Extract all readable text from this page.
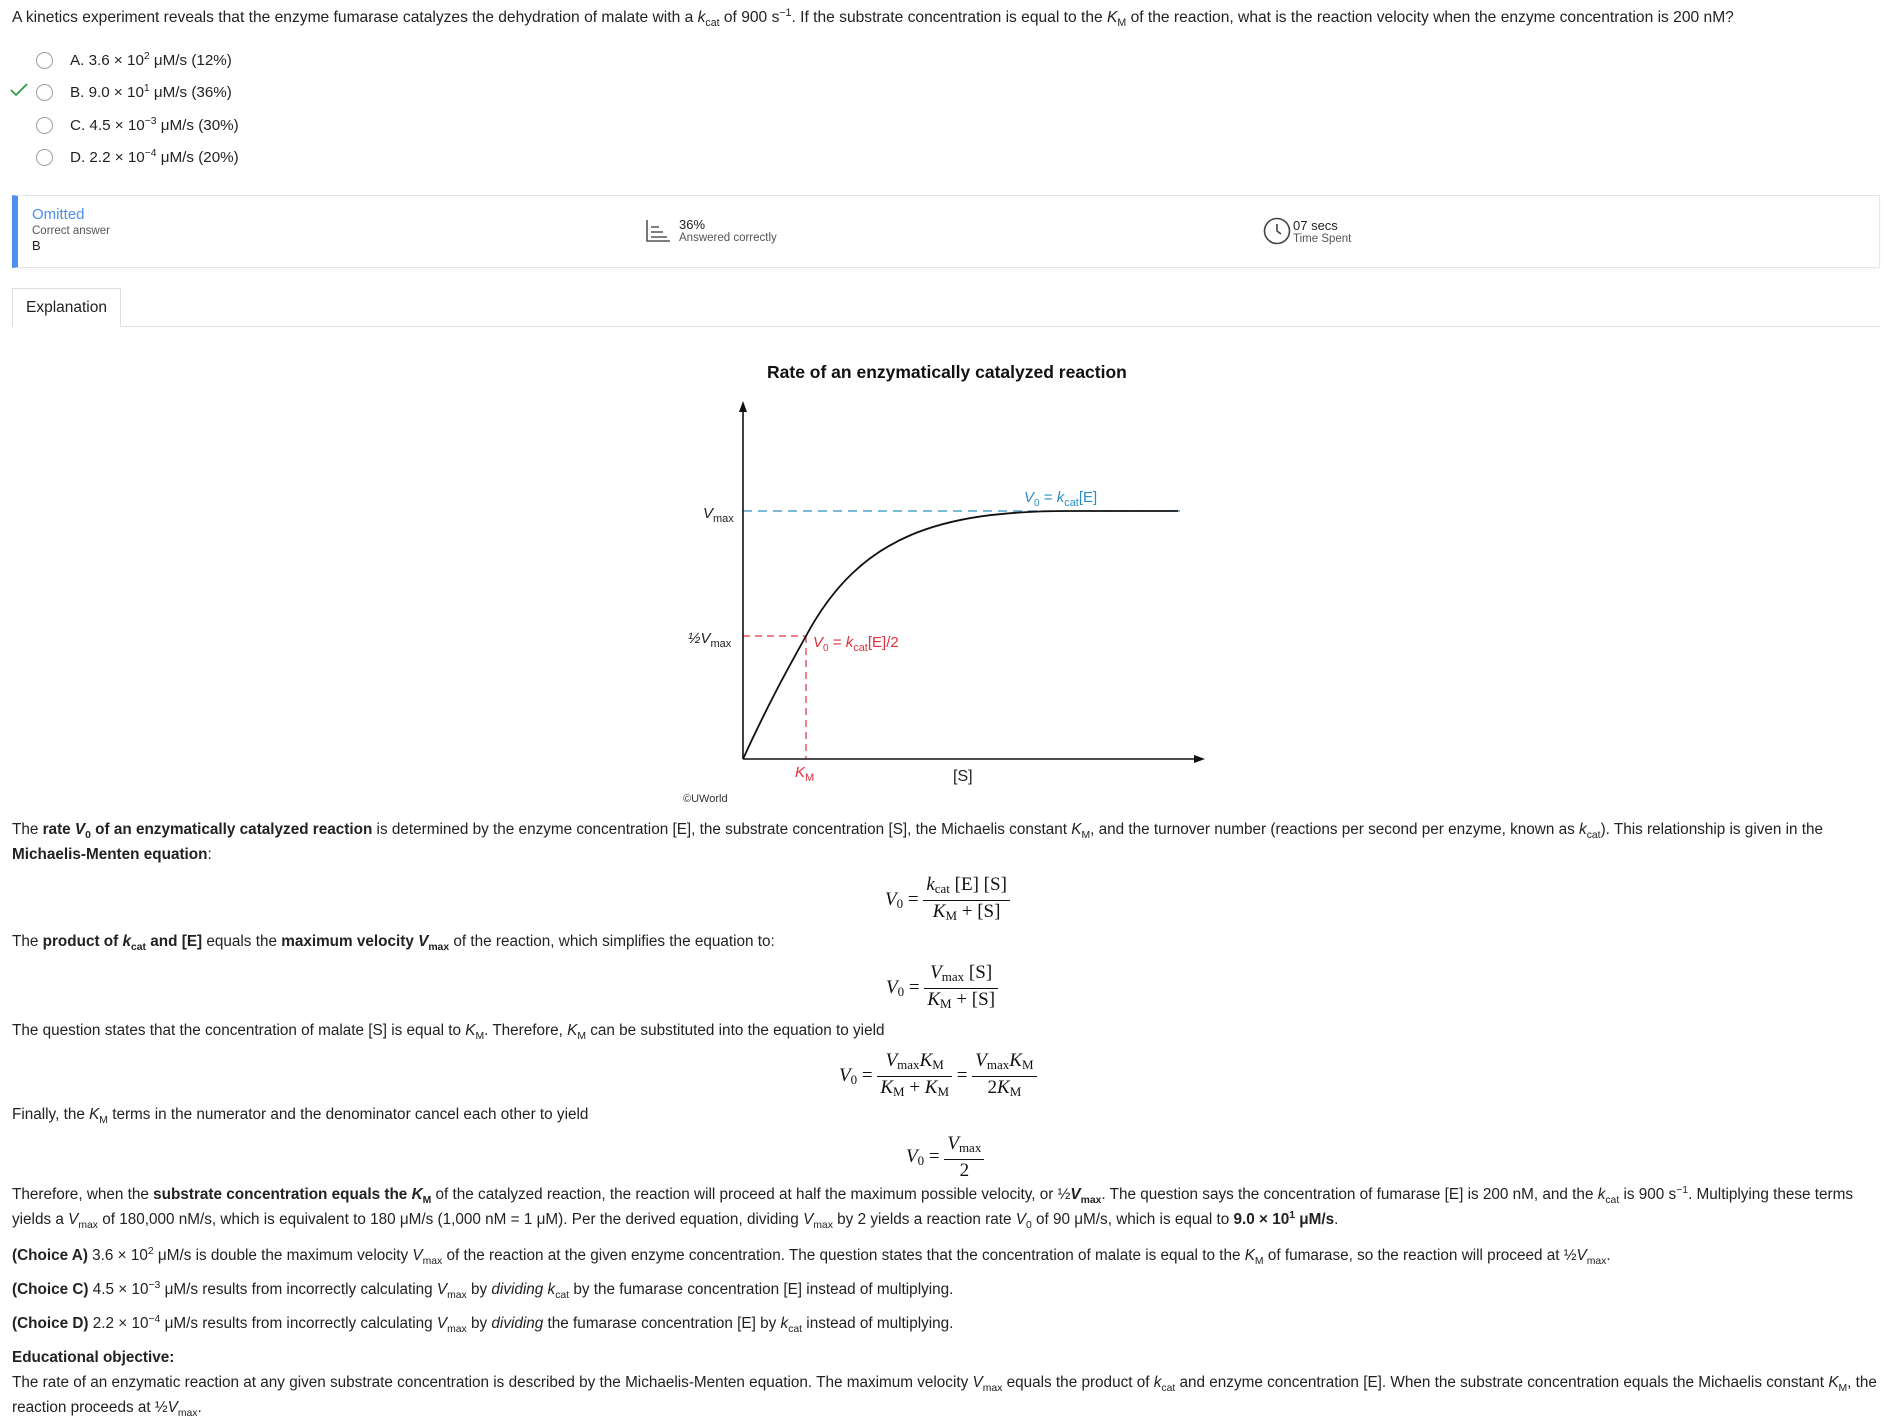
A kinetics experiment reveals that the enzyme fumarase catalyzes the dehydration of malate with a $k_{cat}$ of 900 $s^{-1}$. If the substrate concentration is equal to the $K_M$ of the reaction, what is the reaction velocity when the enzyme concentration is 200 nM?
A.
$3.6 \times 10^2$ μM/s
(12%)
B.
$9.0 \times 10^1$ μM/s
(36%)
C.
$4.5 \times 10^{-3}$ μM/s
(30%)
D.
$2.2 \times 10^{-4}$ μM/s
(20%)
Omitted
Correct answer
B
36%
Answered correctly
07 secs
Time Spent
Explanation
Rate of an enzymatically catalyzed reaction
$V_{max}$
$\frac{1}{2}V_{max}$
$V_0 = k_{cat}[E]$
$V_0 = k_{cat}[E]/2$
$K_M$	[S]
©UWorld
The rate $V_0$ of an enzymatically catalyzed reaction is determined by the enzyme concentration [E], the substrate concentration [S], the Michaelis constant $K_M$, and the turnover number (reactions per second per enzyme, known as $k_{cat}$). This relationship is given in the Michaelis-Menten equation:
$V0 = \frac{\text{kcat [E] [S]}}{KM + [S]}$
The product of $k_{cat}$ and [E] equals the maximum velocity $V_{max}$ of the reaction, which simplifies the equation to:
$V0 = \frac{Vmax [S]}{KM + [S]}$
The question states that the concentration of malate [S] is equal to $K_M$. Therefore, $K_M$ can be substituted into the equation to yield
$V0 = \frac{\text{VmaxKM}}{KM + KM} = \frac{\text{VmaxKM}}{2KM}$
Finally, the $K_M$ terms in the numerator and the denominator cancel each other to yield
$V0 = \frac{Vmax}{2}$
Therefore, when the substrate concentration equals the $K_M$ of the catalyzed reaction, the reaction will proceed at half the maximum possible velocity, or $\frac{1}{2}V_{max}$. The question says the concentration of fumarase [E] is 200 nM, and the $k_{cat}$ is 900 $s^{-1}$. Multiplying these terms yields a $V_{max}$ of 180,000 nM/s, which is equivalent to 180 μM/s (1,000 nM = 1 μM). Per the derived equation, dividing $V_{max}$ by 2 yields a reaction rate $V_0$ of 90 μM/s, which is equal to $9.0 \times 10^1$ μM/s.
(Choice A) $3.6 \times 10^2$ μM/s is double the maximum velocity $V_{max}$ of the reaction at the given enzyme concentration. The question states that the concentration of malate is equal to the $K_M$ of fumarase, so the reaction will proceed at $\frac{1}{2}V_{max}$.
(Choice C) $4.5 \times 10^{-3}$ μM/s results from incorrectly calculating $V_{max}$ by dividing $k_{cat}$ by the fumarase concentration [E] instead of multiplying.
(Choice D) $2.2 \times 10^{-4}$ μM/s results from incorrectly calculating $V_{max}$ by dividing the fumarase concentration [E] by $k_{cat}$ instead of multiplying.
Educational objective:
The rate of an enzymatic reaction at any given substrate concentration is described by the Michaelis-Menten equation. The maximum velocity $V_{max}$ equals the product of $k_{cat}$ and enzyme concentration [E]. When the substrate concentration equals the Michaelis constant $K_M$, the reaction proceeds at $\frac{1}{2}V_{max}$.
